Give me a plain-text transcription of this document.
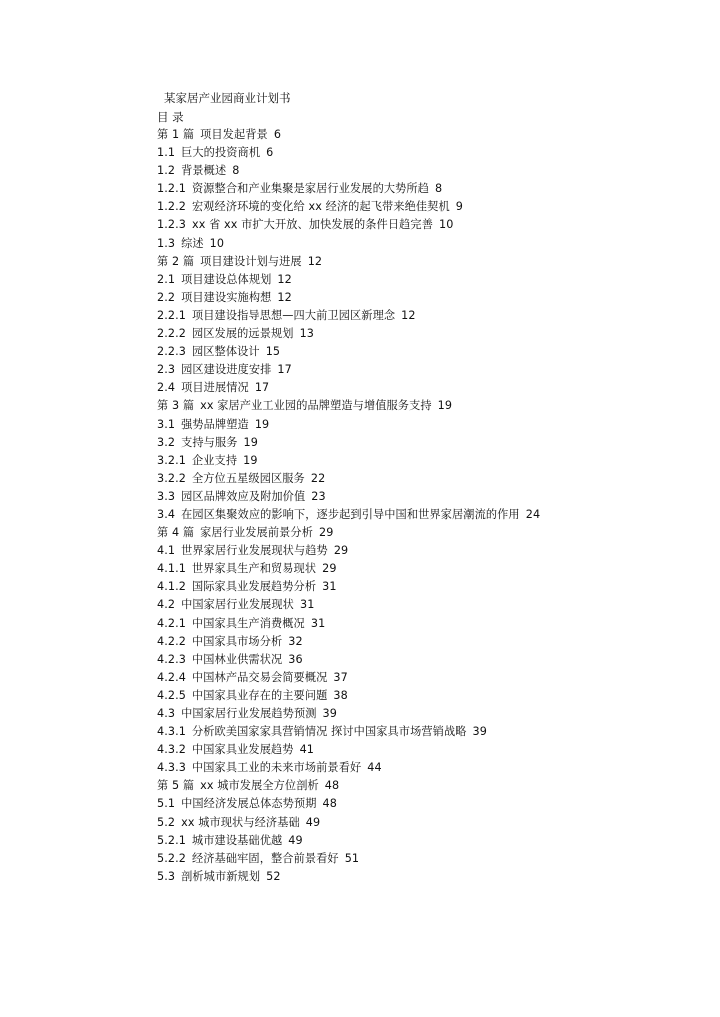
某家居产业园商业计划书
目 录
第 1 篇 项目发起背景 6
1.1 巨大的投资商机 6
1.2 背景概述 8
1.2.1 资源整合和产业集聚是家居行业发展的大势所趋 8
1.2.2 宏观经济环境的变化给 xx 经济的起飞带来绝佳契机 9
1.2.3 xx 省 xx 市扩大开放、加快发展的条件日趋完善 10
1.3 综述 10
第 2 篇 项目建设计划与进展 12
2.1 项目建设总体规划 12
2.2 项目建设实施构想 12
2.2.1 项目建设指导思想—四大前卫园区新理念 12
2.2.2 园区发展的远景规划 13
2.2.3 园区整体设计 15
2.3 园区建设进度安排 17
2.4 项目进展情况 17
第 3 篇 xx 家居产业工业园的品牌塑造与增值服务支持 19
3.1 强势品牌塑造 19
3.2 支持与服务 19
3.2.1 企业支持 19
3.2.2 全方位五星级园区服务 22
3.3 园区品牌效应及附加价值 23
3.4 在园区集聚效应的影响下，逐步起到引导中国和世界家居潮流的作用 24
第 4 篇 家居行业发展前景分析 29
4.1 世界家居行业发展现状与趋势 29
4.1.1 世界家具生产和贸易现状 29
4.1.2 国际家具业发展趋势分析 31
4.2 中国家居行业发展现状 31
4.2.1 中国家具生产消费概况 31
4.2.2 中国家具市场分析 32
4.2.3 中国林业供需状况 36
4.2.4 中国林产品交易会简要概况 37
4.2.5 中国家具业存在的主要问题 38
4.3 中国家居行业发展趋势预测 39
4.3.1 分析欧美国家家具营销情况 探讨中国家具市场营销战略 39
4.3.2 中国家具业发展趋势 41
4.3.3 中国家具工业的未来市场前景看好 44
第 5 篇 xx 城市发展全方位剖析 48
5.1 中国经济发展总体态势预期 48
5.2 xx 城市现状与经济基础 49
5.2.1 城市建设基础优越 49
5.2.2 经济基础牢固，整合前景看好 51
5.3 剖析城市新规划 52
